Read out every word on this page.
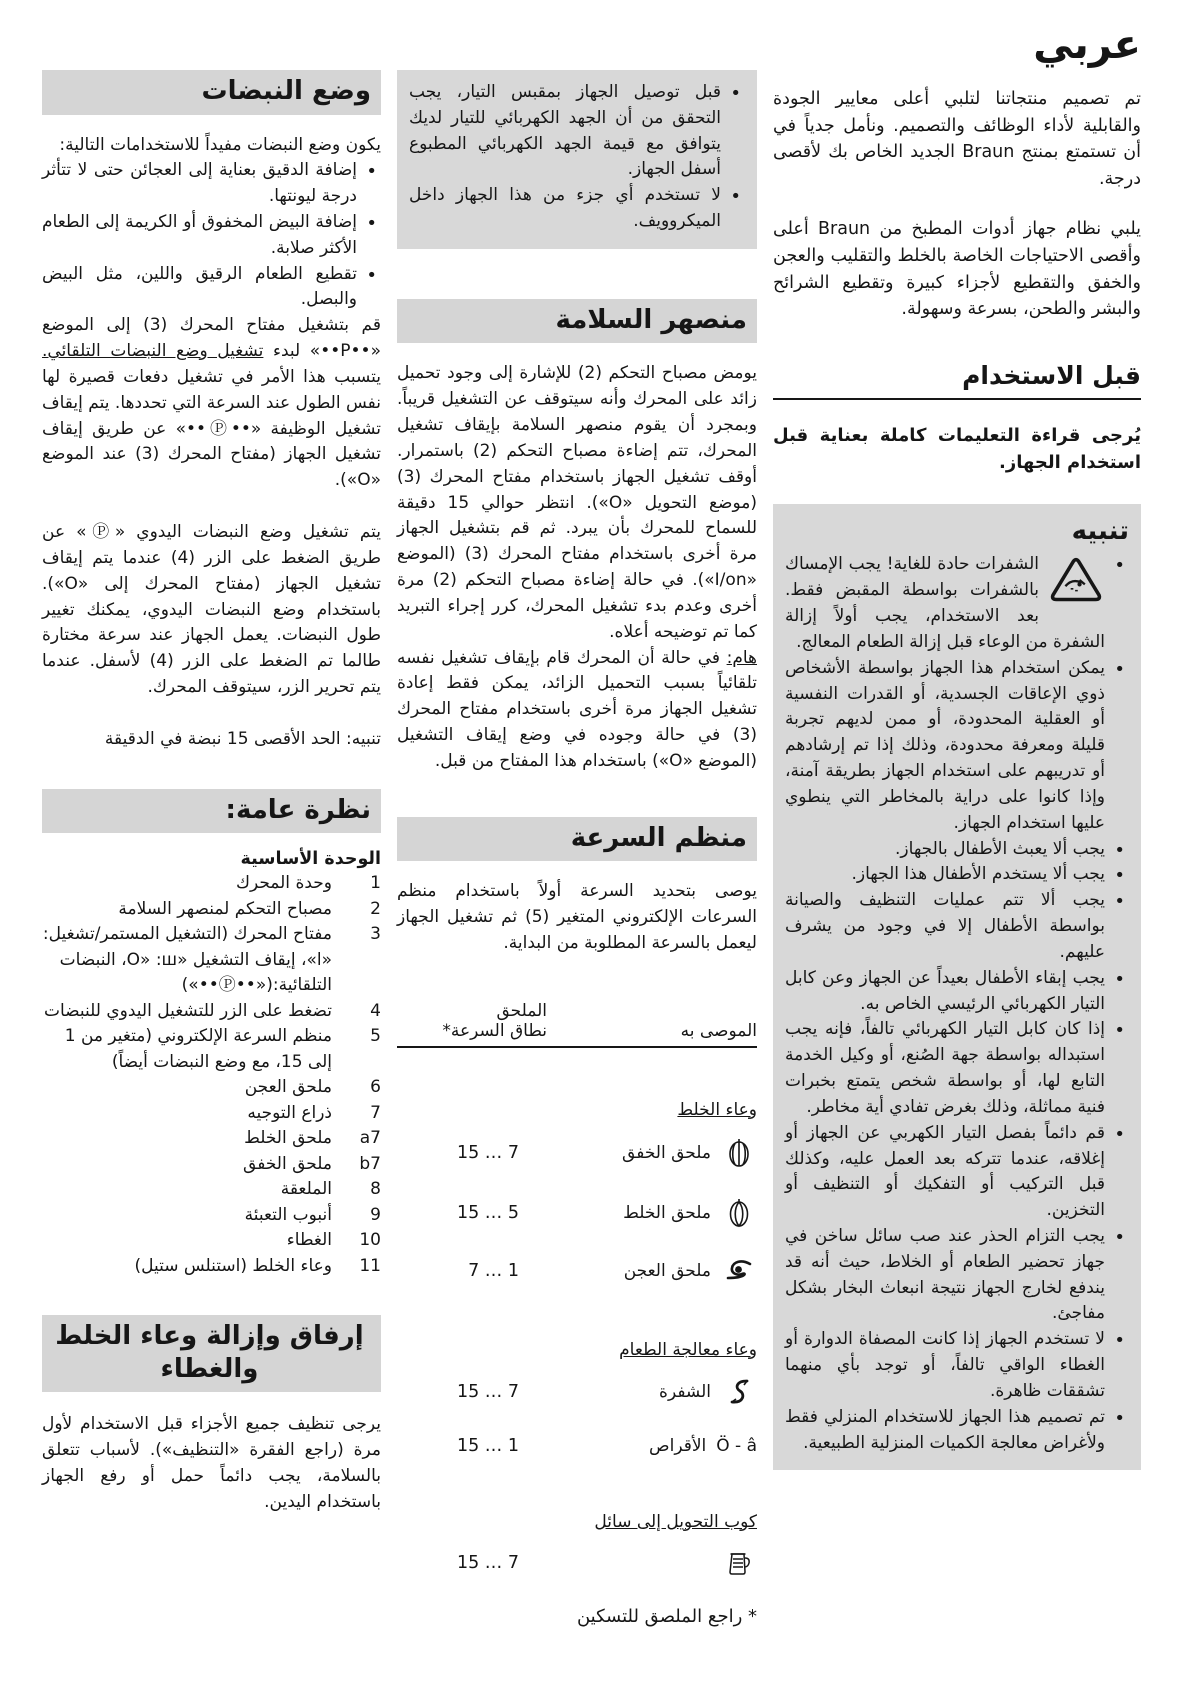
عربي

تم تصميم منتجاتنا لتلبي أعلى معايير الجودة والقابلية لأداء الوظائف والتصميم. ونأمل جدياً في أن تستمتع بمنتج Braun الجديد الخاص بك لأقصى درجة.

يلبي نظام جهاز أدوات المطبخ من Braun أعلى وأقصى الاحتياجات الخاصة بالخلط والتقليب والعجن والخفق والتقطيع لأجزاء كبيرة وتقطيع الشرائح والبشر والطحن، بسرعة وسهولة.

قبل الاستخدام

يُرجى قراءة التعليمات كاملة بعناية قبل استخدام الجهاز.

تنبيه
• الشفرات حادة للغاية! يجب الإمساك بالشفرات بواسطة المقبض فقط. بعد الاستخدام، يجب أولاً إزالة الشفرة من الوعاء قبل إزالة الطعام المعالج.
• يمكن استخدام هذا الجهاز بواسطة الأشخاص ذوي الإعاقات الجسدية، أو القدرات النفسية أو العقلية المحدودة، أو ممن لديهم تجربة قليلة ومعرفة محدودة، وذلك إذا تم إرشادهم أو تدريبهم على استخدام الجهاز بطريقة آمنة، وإذا كانوا على دراية بالمخاطر التي ينطوي عليها استخدام الجهاز.
• يجب ألا يعبث الأطفال بالجهاز.
• يجب ألا يستخدم الأطفال هذا الجهاز.
• يجب ألا تتم عمليات التنظيف والصيانة بواسطة الأطفال إلا في وجود من يشرف عليهم.
• يجب إبقاء الأطفال بعيداً عن الجهاز وعن كابل التيار الكهربائي الرئيسي الخاص به.
• إذا كان كابل التيار الكهربائي تالفاً، فإنه يجب استبداله بواسطة جهة الصُنع، أو وكيل الخدمة التابع لها، أو بواسطة شخص يتمتع بخبرات فنية مماثلة، وذلك بغرض تفادي أية مخاطر.
• قم دائماً بفصل التيار الكهربي عن الجهاز أو إغلاقه، عندما تتركه بعد العمل عليه، وكذلك قبل التركيب أو التفكيك أو التنظيف أو التخزين.
• يجب التزام الحذر عند صب سائل ساخن في جهاز تحضير الطعام أو الخلاط، حيث أنه قد يندفع لخارج الجهاز نتيجة انبعاث البخار بشكل مفاجئ.
• لا تستخدم الجهاز إذا كانت المصفاة الدوارة أو الغطاء الواقي تالفاً، أو توجد بأي منهما تشققات ظاهرة.
• تم تصميم هذا الجهاز للاستخدام المنزلي فقط ولأغراض معالجة الكميات المنزلية الطبيعية.
• قبل توصيل الجهاز بمقبس التيار، يجب التحقق من أن الجهد الكهربائي للتيار لديك يتوافق مع قيمة الجهد الكهربائي المطبوع أسفل الجهاز.
• لا تستخدم أي جزء من هذا الجهاز داخل الميكروويف.
منصهر السلامة

يومض مصباح التحكم (2) للإشارة إلى وجود تحميل زائد على المحرك وأنه سيتوقف عن التشغيل قريباً. وبمجرد أن يقوم منصهر السلامة بإيقاف تشغيل المحرك، تتم إضاءة مصباح التحكم (2) باستمرار. أوقف تشغيل الجهاز باستخدام مفتاح المحرك (3) (موضع التحويل «O»). انتظر حوالي 15 دقيقة للسماح للمحرك بأن يبرد. ثم قم بتشغيل الجهاز مرة أخرى باستخدام مفتاح المحرك (3) (الموضع «I/on»). في حالة إضاءة مصباح التحكم (2) مرة أخرى وعدم بدء تشغيل المحرك، كرر إجراء التبريد كما تم توضيحه أعلاه.

هام: في حالة أن المحرك قام بإيقاف تشغيل نفسه تلقائياً بسبب التحميل الزائد، يمكن فقط إعادة تشغيل الجهاز مرة أخرى باستخدام مفتاح المحرك (3) في حالة وجوده في وضع إيقاف التشغيل (الموضع «O») باستخدام هذا المفتاح من قبل.

منظم السرعة

يوصى بتحديد السرعة أولاً باستخدام منظم السرعات الإلكتروني المتغير (5) ثم تشغيل الجهاز ليعمل بالسرعة المطلوبة من البداية.

الملحق
الموصى به
نطاق السرعة*
وعاء الخلط
ملحق الخفق
15 … 7
ملحق الخلط
15 … 5
ملحق العجن
7 … 1
وعاء معالجة الطعام
الشفرة
15 … 7
Ö - â
الأقراص
15 … 1
كوب التحويل إلى سائل
15 … 7
* راجع الملصق للتسكين
وضع النبضات

يكون وضع النبضات مفيداً للاستخدامات التالية:

• إضافة الدقيق بعناية إلى العجائن حتى لا تتأثر درجة ليونتها.
• إضافة البيض المخفوق أو الكريمة إلى الطعام الأكثر صلابة.
• تقطيع الطعام الرقيق واللين، مثل البيض والبصل.

قم بتشغيل مفتاح المحرك (3) إلى الموضع «••P••» لبدء تشغيل وضع النبضات التلقائي. يتسبب هذا الأمر في تشغيل دفعات قصيرة لها نفس الطول عند السرعة التي تحددها. يتم إيقاف تشغيل الوظيفة «••Ⓟ••» عن طريق إيقاف تشغيل الجهاز (مفتاح المحرك (3) عند الموضع «O»).

يتم تشغيل وضع النبضات اليدوي «Ⓟ» عن طريق الضغط على الزر (4) عندما يتم إيقاف تشغيل الجهاز (مفتاح المحرك إلى «O»). باستخدام وضع النبضات اليدوي، يمكنك تغيير طول النبضات. يعمل الجهاز عند سرعة مختارة طالما تم الضغط على الزر (4) لأسفل. عندما يتم تحرير الزر، سيتوقف المحرك.

تنبيه: الحد الأقصى 15 نبضة في الدقيقة

نظرة عامة:
الوحدة الأساسية
1
وحدة المحرك
2
مصباح التحكم لمنصهر السلامة
3
مفتاح المحرك (التشغيل المستمر/تشغيل: «ا»، إيقاف التشغيل «O» :ш، النبضات التلقائية:(«••Ⓟ••»)
4
تضغط على الزر للتشغيل اليدوي للنبضات
5
منظم السرعة الإلكتروني (متغير من 1 إلى 15، مع وضع النبضات أيضاً)
6
ملحق العجن
7
ذراع التوجيه
a7
ملحق الخلط
b7
ملحق الخفق
8
الملعقة
9
أنبوب التعبئة
10
الغطاء
11
وعاء الخلط (استنلس ستيل)
إرفاق وإزالة وعاء الخلط
والغطاء

يرجى تنظيف جميع الأجزاء قبل الاستخدام لأول مرة (راجع الفقرة «التنظيف»). لأسباب تتعلق بالسلامة، يجب دائماً حمل أو رفع الجهاز باستخدام اليدين.
